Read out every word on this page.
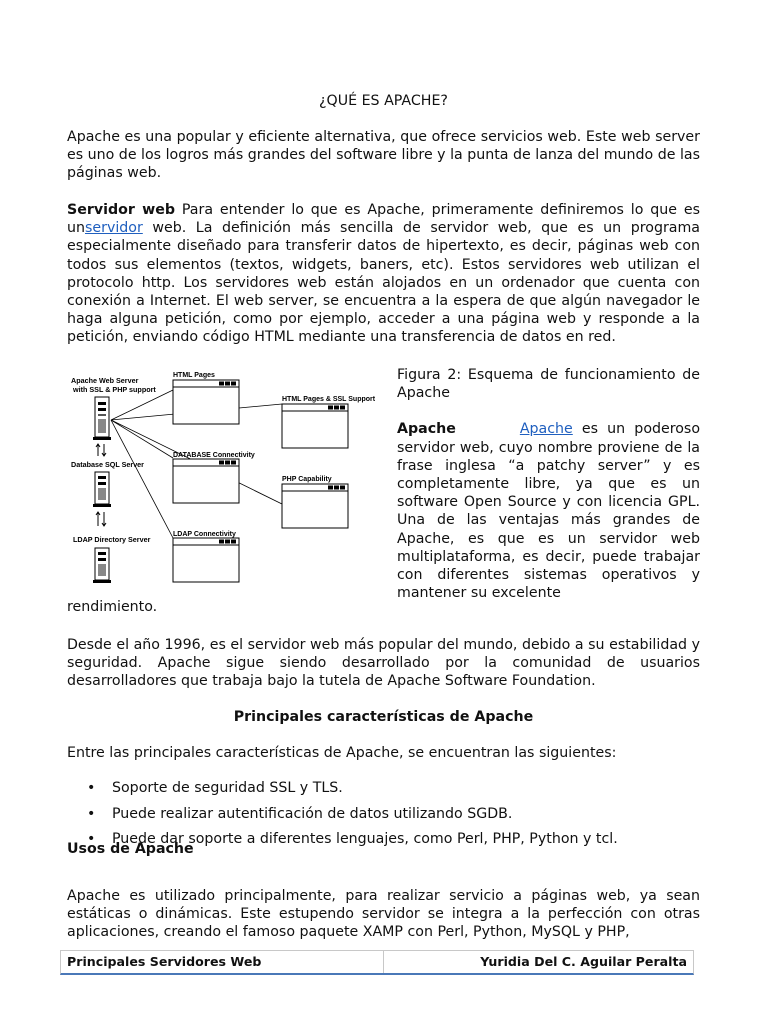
¿QUÉ ES APACHE?

Apache es una popular y eficiente alternativa, que ofrece servicios web. Este web server es uno de los logros más grandes del software libre y la punta de lanza del mundo de las páginas web.

Servidor web Para entender lo que es Apache, primeramente definiremos lo que es unservidor web. La definición más sencilla de servidor web, que es un programa especialmente diseñado para transferir datos de hipertexto, es decir, páginas web con todos sus elementos (textos, widgets, baners, etc). Estos servidores web utilizan el protocolo http. Los servidores web están alojados en un ordenador que cuenta con conexión a Internet. El web server, se encuentra a la espera de que algún navegador le haga alguna petición, como por ejemplo, acceder a una página web y responde a la petición, enviando código HTML mediante una transferencia de datos en red.

Apache Web Server
with SSL & PHP support
Database SQL Server
LDAP Directory Server
HTML Pages
HTML Pages & SSL Support
DATABASE Connectivity
PHP Capability
LDAP Connectivity

Figura 2: Esquema de funcionamiento de Apache

Apache	Apache es un poderoso servidor web, cuyo nombre proviene de la frase inglesa “a patchy server” y es completamente libre, ya que es un software Open Source y con licencia GPL. Una de las ventajas más grandes de Apache, es que es un servidor web multiplataforma, es decir, puede trabajar con diferentes sistemas operativos y mantener su excelente

rendimiento.

Desde el año 1996, es el servidor web más popular del mundo, debido a su estabilidad y seguridad. Apache sigue siendo desarrollado por la comunidad de usuarios desarrolladores que trabaja bajo la tutela de Apache Software Foundation.

Principales características de Apache

Entre las principales características de Apache, se encuentran las siguientes:

• Soporte de seguridad SSL y TLS.
• Puede realizar autentificación de datos utilizando SGDB.
• Puede dar soporte a diferentes lenguajes, como Perl, PHP, Python y tcl.
Usos de Apache

Apache es utilizado principalmente, para realizar servicio a páginas web, ya sean estáticas o dinámicas. Este estupendo servidor se integra a la perfección con otras aplicaciones, creando el famoso paquete XAMP con Perl, Python, MySQL y PHP,

Principales Servidores Web	Yuridia Del C. Aguilar Peralta
